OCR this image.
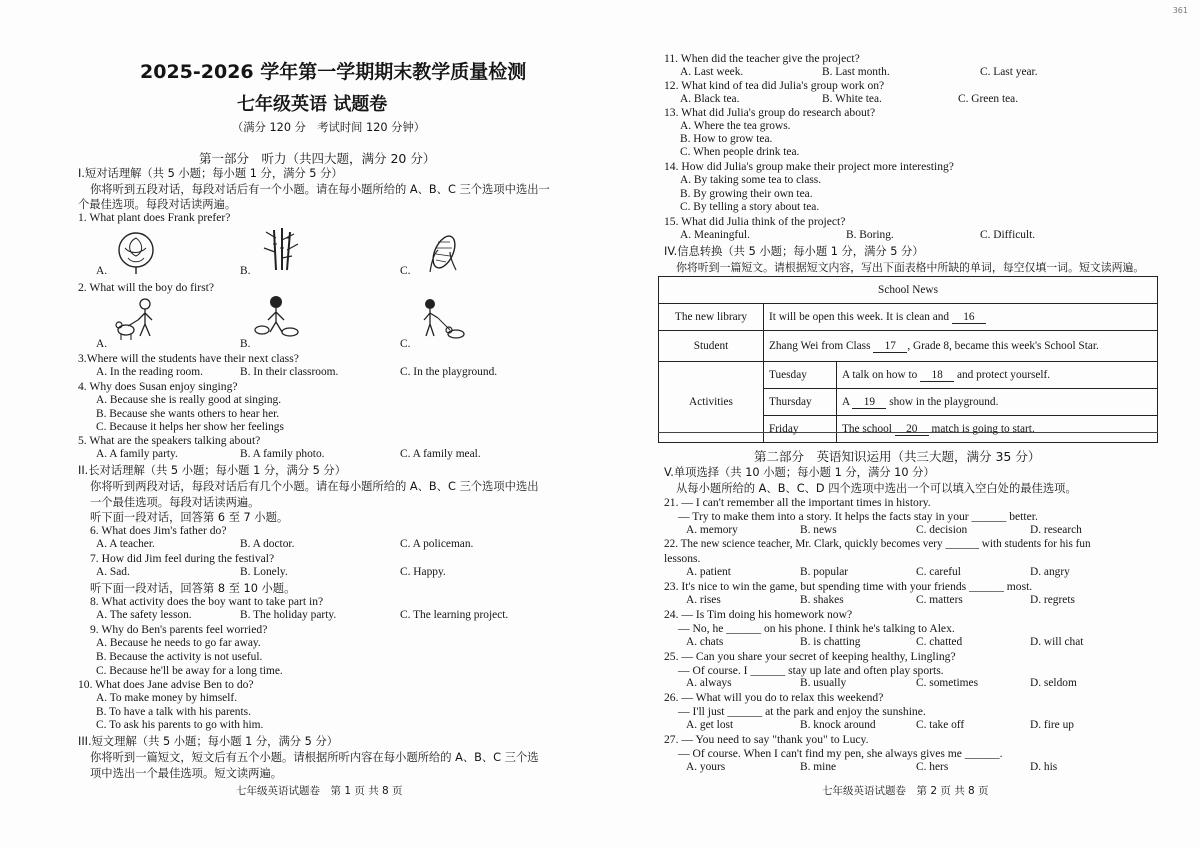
361
2025-2026 学年第一学期期末教学质量检测
七年级英语 试题卷
（满分 120 分　考试时间 120 分钟）
第一部分　听力（共四大题，满分 20 分）
I.短对话理解（共 5 小题；每小题 1 分，满分 5 分）
你将听到五段对话，每段对话后有一个小题。请在每小题所给的 A、B、C 三个选项中选出一
个最佳选项。每段对话读两遍。
1. What plant does Frank prefer?
A.	B.	C.
2. What will the boy do first?
A.	B.	C.
3.Where will the students have their next class?
A. In the reading room.	B. In their classroom.	C. In the playground.
4. Why does Susan enjoy singing?
A. Because she is really good at singing.
B. Because she wants others to hear her.
C. Because it helps her show her feelings
5. What are the speakers talking about?
A. A family party.	B. A family photo.	C. A family meal.
II.长对话理解（共 5 小题；每小题 1 分，满分 5 分）
你将听到两段对话，每段对话后有几个小题。请在每小题所给的 A、B、C 三个选项中选出
一个最佳选项。每段对话读两遍。
听下面一段对话，回答第 6 至 7 小题。
6. What does Jim's father do?
A. A teacher.	B. A doctor.	C. A policeman.
7. How did Jim feel during the festival?
A. Sad.	B. Lonely.	C. Happy.
听下面一段对话，回答第 8 至 10 小题。
8. What activity does the boy want to take part in?
A. The safety lesson.	B. The holiday party.	C. The learning project.
9. Why do Ben's parents feel worried?
A. Because he needs to go far away.
B. Because the activity is not useful.
C. Because he'll be away for a long time.
10. What does Jane advise Ben to do?
A. To make money by himself.
B. To have a talk with his parents.
C. To ask his parents to go with him.
III.短文理解（共 5 小题；每小题 1 分，满分 5 分）
你将听到一篇短文，短文后有五个小题。请根据所听内容在每小题所给的 A、B、C 三个选
项中选出一个最佳选项。短文读两遍。
七年级英语试题卷　第 1 页 共 8 页
11. When did the teacher give the project?
A. Last week.	B. Last month.	C. Last year.
12. What kind of tea did Julia's group work on?
A. Black tea.	B. White tea.	C. Green tea.
13. What did Julia's group do research about?
A. Where the tea grows.
B. How to grow tea.
C. When people drink tea.
14. How did Julia's group make their project more interesting?
A. By taking some tea to class.
B. By growing their own tea.
C. By telling a story about tea.
15. What did Julia think of the project?
A. Meaningful.	B. Boring.	C. Difficult.
IV.信息转换（共 5 小题；每小题 1 分，满分 5 分）
你将听到一篇短文。请根据短文内容，写出下面表格中所缺的单词，每空仅填一词。短文读两遍。
School News		
The new library	It will be open this week. It is clean and 16	
Student	Zhang Wei from Class 17 , Grade 8, became this week's School Star.	
Activities	Tuesday	A talk on how to 18 and protect yourself.
	Thursday	A 19 show in the playground.
	Friday	The school 20 match is going to start.
第二部分　英语知识运用（共三大题，满分 35 分）
V.单项选择（共 10 小题；每小题 1 分，满分 10 分）
从每小题所给的 A、B、C、D 四个选项中选出一个可以填入空白处的最佳选项。
21. — I can't remember all the important times in history.
— Try to make them into a story. It helps the facts stay in your ______ better.
A. memory	B. news	C. decision	D. research
22. The new science teacher, Mr. Clark, quickly becomes very ______ with students for his fun
lessons.
A. patient	B. popular	C. careful	D. angry
23. It's nice to win the game, but spending time with your friends ______ most.
A. rises	B. shakes	C. matters	D. regrets
24. — Is Tim doing his homework now?
— No, he ______ on his phone. I think he's talking to Alex.
A. chats	B. is chatting	C. chatted	D. will chat
25. — Can you share your secret of keeping healthy, Lingling?
— Of course. I ______ stay up late and often play sports.
A. always	B. usually	C. sometimes	D. seldom
26. — What will you do to relax this weekend?
— I'll just ______ at the park and enjoy the sunshine.
A. get lost	B. knock around	C. take off	D. fire up
27. — You need to say "thank you" to Lucy.
— Of course. When I can't find my pen, she always gives me ______.
A. yours	B. mine	C. hers	D. his
七年级英语试题卷　第 2 页 共 8 页
